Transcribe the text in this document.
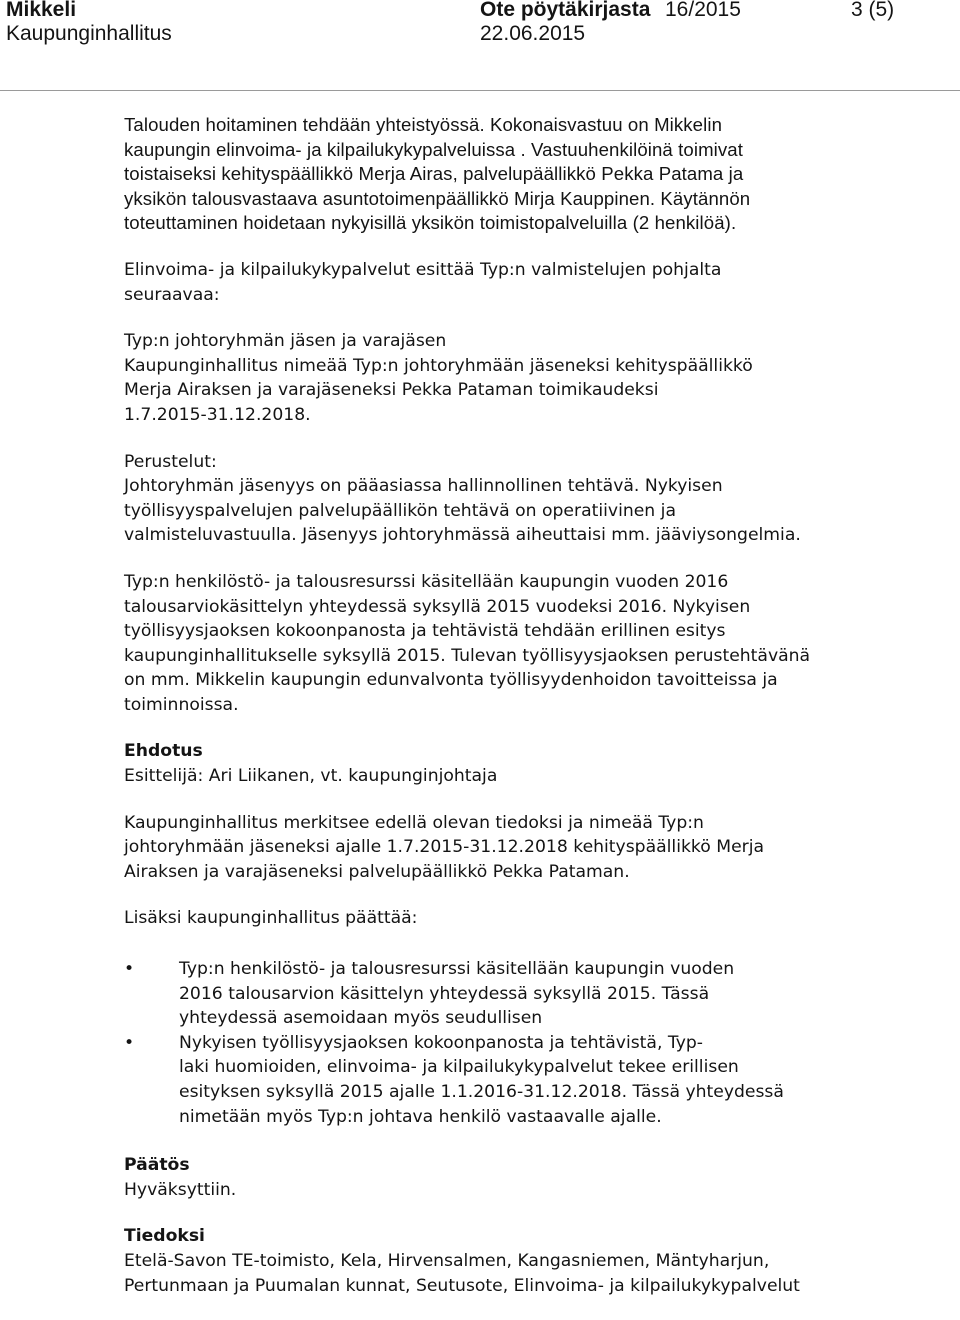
Mikkeli
Kaupunginhallitus
Ote pöytäkirjasta 16/2015
22.06.2015
3 (5)
Talouden hoitaminen tehdään yhteistyössä. Kokonaisvastuu on Mikkelin
kaupungin elinvoima- ja kilpailukykypalveluissa . Vastuuhenkilöinä toimivat
toistaiseksi kehityspäällikkö Merja Airas, palvelupäällikkö Pekka Patama ja
yksikön talousvastaava asuntotoimenpäällikkö Mirja Kauppinen. Käytännön
toteuttaminen hoidetaan nykyisillä yksikön toimistopalveluilla (2 henkilöä).
Elinvoima- ja kilpailukykypalvelut esittää Typ:n valmistelujen pohjalta
seuraavaa:
Typ:n johtoryhmän jäsen ja varajäsen
Kaupunginhallitus nimeää Typ:n johtoryhmään jäseneksi kehityspäällikkö
Merja Airaksen ja varajäseneksi Pekka Pataman toimikaudeksi
1.7.2015-31.12.2018.
Perustelut:
Johtoryhmän jäsenyys on pääasiassa hallinnollinen tehtävä. Nykyisen
työllisyyspalvelujen palvelupäällikön tehtävä on operatiivinen ja
valmisteluvastuulla. Jäsenyys johtoryhmässä aiheuttaisi mm. jääviysongelmia.
Typ:n henkilöstö- ja talousresurssi käsitellään kaupungin vuoden 2016
talousarviokäsittelyn yhteydessä syksyllä 2015 vuodeksi 2016. Nykyisen
työllisyysjaoksen kokoonpanosta ja tehtävistä tehdään erillinen esitys
kaupunginhallitukselle syksyllä 2015. Tulevan työllisyysjaoksen perustehtävänä
on mm. Mikkelin kaupungin edunvalvonta työllisyydenhoidon tavoitteissa ja
toiminnoissa.
Ehdotus
Esittelijä: Ari Liikanen, vt. kaupunginjohtaja
Kaupunginhallitus merkitsee edellä olevan tiedoksi ja nimeää Typ:n
johtoryhmään jäseneksi ajalle 1.7.2015-31.12.2018 kehityspäällikkö Merja
Airaksen ja varajäseneksi palvelupäällikkö Pekka Pataman.
Lisäksi kaupunginhallitus päättää:
•	Typ:n henkilöstö- ja talousresurssi käsitellään kaupungin vuoden
2016 talousarvion käsittelyn yhteydessä syksyllä 2015. Tässä
yhteydessä asemoidaan myös seudullisen
•	Nykyisen työllisyysjaoksen kokoonpanosta ja tehtävistä, Typ-
laki huomioiden, elinvoima- ja kilpailukykypalvelut tekee erillisen
esityksen syksyllä 2015 ajalle 1.1.2016-31.12.2018. Tässä yhteydessä
nimetään myös Typ:n johtava henkilö vastaavalle ajalle.
Päätös
Hyväksyttiin.
Tiedoksi
Etelä-Savon TE-toimisto, Kela, Hirvensalmen, Kangasniemen, Mäntyharjun,
Pertunmaan ja Puumalan kunnat, Seutusote, Elinvoima- ja kilpailukykypalvelut
